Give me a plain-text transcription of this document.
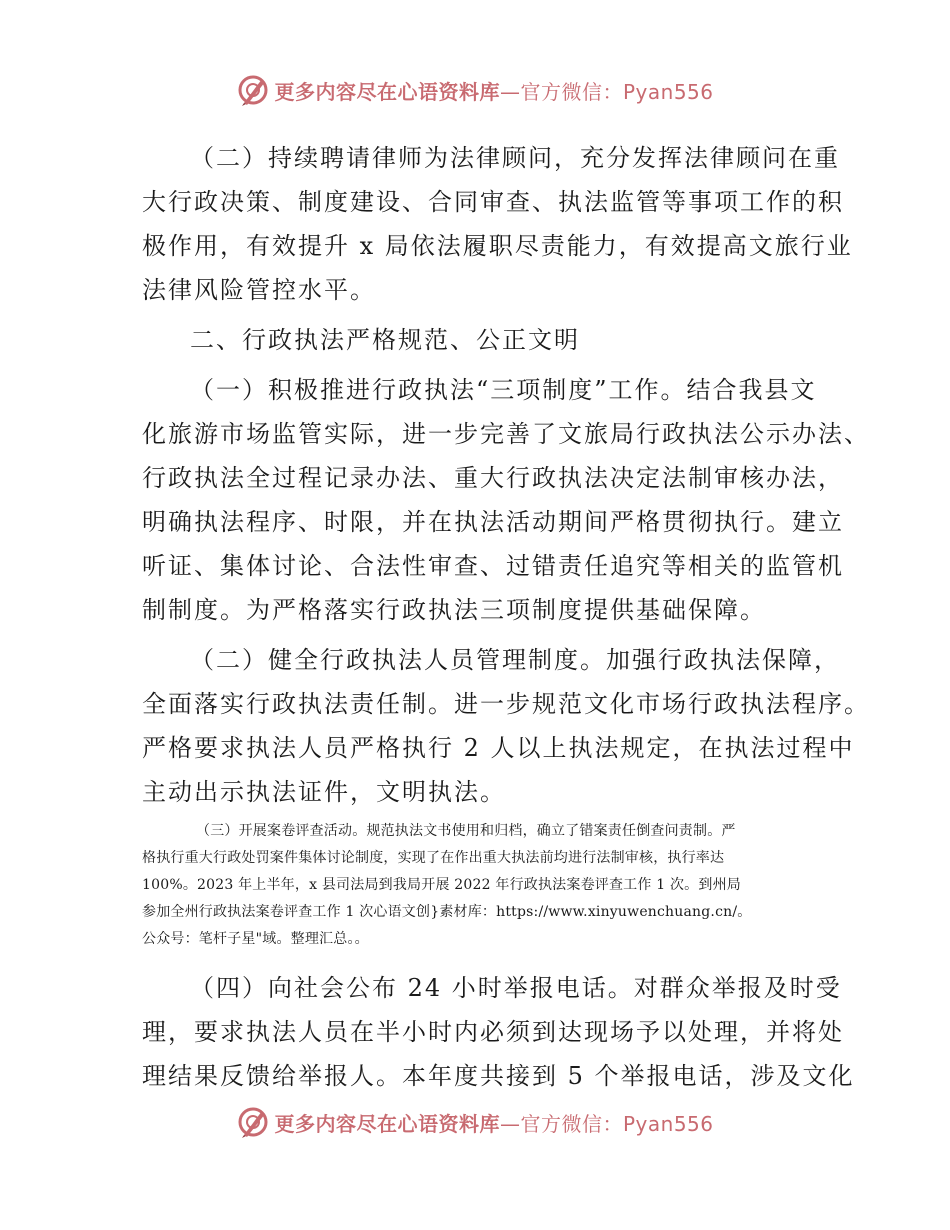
更多内容尽在心语资料库—官方微信：Pyan556
（二）持续聘请律师为法律顾问，充分发挥法律顾问在重
大行政决策、制度建设、合同审查、执法监管等事项工作的积
极作用，有效提升 x 局依法履职尽责能力，有效提高文旅行业
法律风险管控水平。
二、行政执法严格规范、公正文明
（一）积极推进行政执法“三项制度”工作。结合我县文
化旅游市场监管实际，进一步完善了文旅局行政执法公示办法、
行政执法全过程记录办法、重大行政执法决定法制审核办法，
明确执法程序、时限，并在执法活动期间严格贯彻执行。建立
听证、集体讨论、合法性审查、过错责任追究等相关的监管机
制制度。为严格落实行政执法三项制度提供基础保障。
（二）健全行政执法人员管理制度。加强行政执法保障，
全面落实行政执法责任制。进一步规范文化市场行政执法程序。
严格要求执法人员严格执行 2 人以上执法规定，在执法过程中
主动出示执法证件，文明执法。
（三）开展案卷评查活动。规范执法文书使用和归档，确立了错案责任倒查问责制。严
格执行重大行政处罚案件集体讨论制度，实现了在作出重大执法前均进行法制审核，执行率达
100%。2023 年上半年，x 县司法局到我局开展 2022 年行政执法案卷评查工作 1 次。到州局
参加全州行政执法案卷评查工作 1 次心语文创}素材库：https://www.xinyuwenchuang.cn/。
公众号：笔杆子星"域。整理汇总。。
（四）向社会公布 24 小时举报电话。对群众举报及时受
理，要求执法人员在半小时内必须到达现场予以处理，并将处
理结果反馈给举报人。本年度共接到 5 个举报电话，涉及文化
更多内容尽在心语资料库—官方微信：Pyan556
